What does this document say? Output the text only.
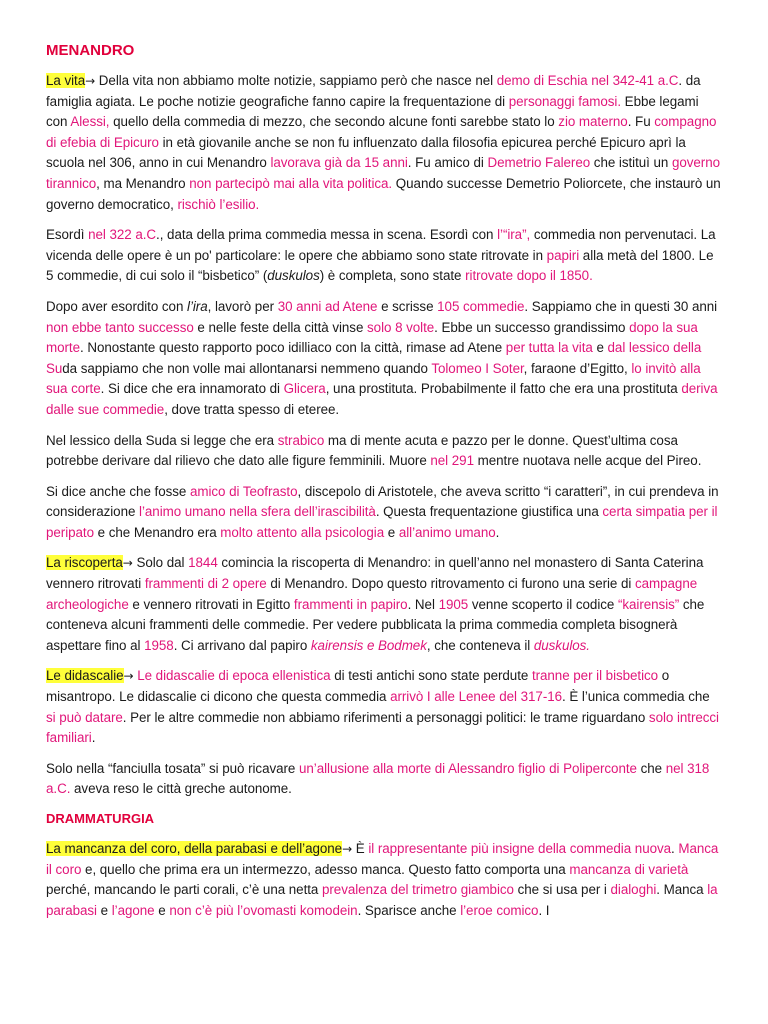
MENANDRO

La vita→ Della vita non abbiamo molte notizie, sappiamo però che nasce nel demo di Eschia nel 342-41 a.C. da famiglia agiata. Le poche notizie geografiche fanno capire la frequentazione di personaggi famosi. Ebbe legami con Alessi, quello della commedia di mezzo, che secondo alcune fonti sarebbe stato lo zio materno. Fu compagno di efebia di Epicuro in età giovanile anche se non fu influenzato dalla filosofia epicurea perché Epicuro aprì la scuola nel 306, anno in cui Menandro lavorava già da 15 anni. Fu amico di Demetrio Falereo che istituì un governo tirannico, ma Menandro non partecipò mai alla vita politica. Quando successe Demetrio Poliorcete, che instaurò un governo democratico, rischiò l’esilio.

Esordì nel 322 a.C., data della prima commedia messa in scena. Esordì con l’“ira”, commedia non pervenutaci. La vicenda delle opere è un po' particolare: le opere che abbiamo sono state ritrovate in papiri alla metà del 1800. Le 5 commedie, di cui solo il “bisbetico” (duskulos) è completa, sono state ritrovate dopo il 1850.

Dopo aver esordito con l’ira, lavorò per 30 anni ad Atene e scrisse 105 commedie. Sappiamo che in questi 30 anni non ebbe tanto successo e nelle feste della città vinse solo 8 volte. Ebbe un successo grandissimo dopo la sua morte. Nonostante questo rapporto poco idilliaco con la città, rimase ad Atene per tutta la vita e dal lessico della Suda sappiamo che non volle mai allontanarsi nemmeno quando Tolomeo I Soter, faraone d’Egitto, lo invitò alla sua corte. Si dice che era innamorato di Glicera, una prostituta. Probabilmente il fatto che era una prostituta deriva dalle sue commedie, dove tratta spesso di eteree.

Nel lessico della Suda si legge che era strabico ma di mente acuta e pazzo per le donne. Quest’ultima cosa potrebbe derivare dal rilievo che dato alle figure femminili. Muore nel 291 mentre nuotava nelle acque del Pireo.

Si dice anche che fosse amico di Teofrasto, discepolo di Aristotele, che aveva scritto “i caratteri”, in cui prendeva in considerazione l’animo umano nella sfera dell’irascibilità. Questa frequentazione giustifica una certa simpatia per il peripato e che Menandro era molto attento alla psicologia e all’animo umano.

La riscoperta→ Solo dal 1844 comincia la riscoperta di Menandro: in quell’anno nel monastero di Santa Caterina vennero ritrovati frammenti di 2 opere di Menandro. Dopo questo ritrovamento ci furono una serie di campagne archeologiche e vennero ritrovati in Egitto frammenti in papiro. Nel 1905 venne scoperto il codice “kairensis” che conteneva alcuni frammenti delle commedie. Per vedere pubblicata la prima commedia completa bisognerà aspettare fino al 1958. Ci arrivano dal papiro kairensis e Bodmek, che conteneva il duskulos.

Le didascalie→ Le didascalie di epoca ellenistica di testi antichi sono state perdute tranne per il bisbetico o misantropo. Le didascalie ci dicono che questa commedia arrivò I alle Lenee del 317-16. È l’unica commedia che si può datare. Per le altre commedie non abbiamo riferimenti a personaggi politici: le trame riguardano solo intrecci familiari.

Solo nella “fanciulla tosata” si può ricavare un’allusione alla morte di Alessandro figlio di Poliperconte che nel 318 a.C. aveva reso le città greche autonome.

DRAMMATURGIA

La mancanza del coro, della parabasi e dell’agone→ È il rappresentante più insigne della commedia nuova. Manca il coro e, quello che prima era un intermezzo, adesso manca. Questo fatto comporta una mancanza di varietà perché, mancando le parti corali, c’è una netta prevalenza del trimetro giambico che si usa per i dialoghi. Manca la parabasi e l’agone e non c’è più l’ovomasti komodein. Sparisce anche l’eroe comico. I
